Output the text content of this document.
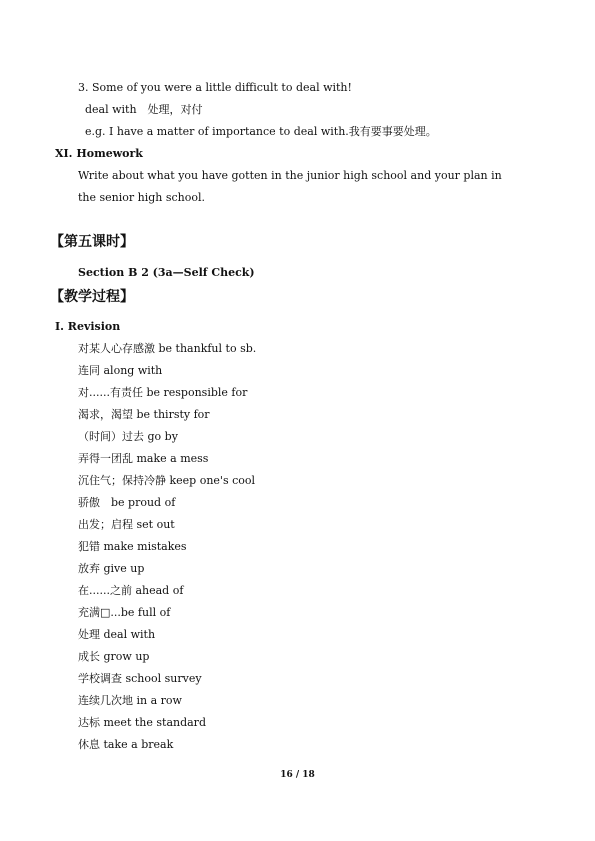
3. Some of you were a little difficult to deal with!
deal with　处理，对付
e.g. I have a matter of importance to deal with.我有要事要处理。
XI. Homework
Write about what you have gotten in the junior high school and your plan in
the senior high school.
【第五课时】
Section B 2 (3a—Self Check)
【教学过程】
I. Revision
对某人心存感激 be thankful to sb.
连同 along with
对......有责任 be responsible for
渴求，渴望 be thirsty for
（时间）过去 go by
弄得一团乱 make a mess
沉住气；保持冷静 keep one's cool
骄傲　be proud of
出发；启程 set out
犯错 make mistakes
放弃 give up
在......之前 ahead of
充满□...be full of
处理 deal with
成长 grow up
学校调查 school survey
连续几次地 in a row
达标 meet the standard
休息 take a break
16 / 18
